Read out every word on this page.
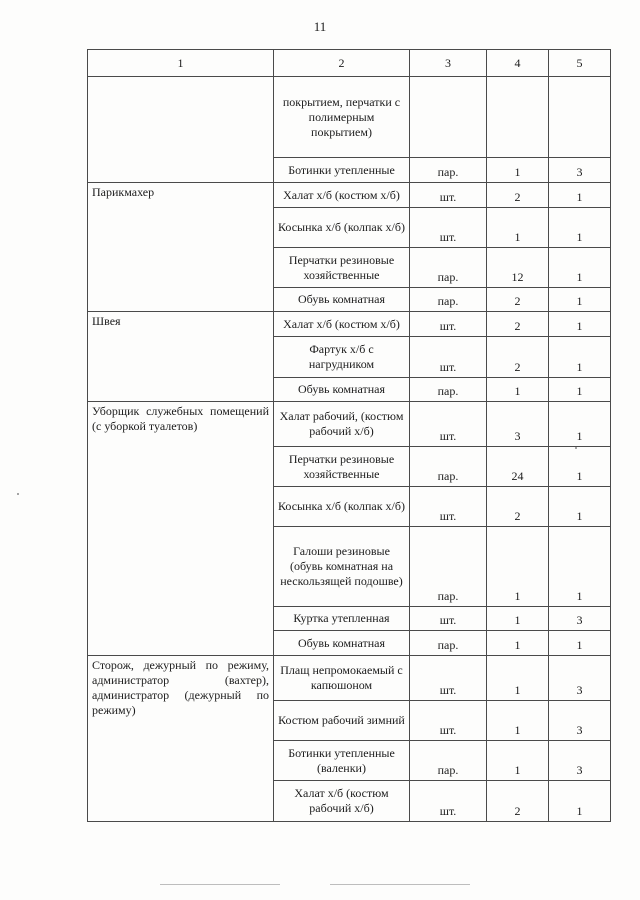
11
1	2	3	4	5
	покрытием, перчатки с полимерным покрытием)			
	Ботинки утепленные	пар.	1	3
Парикмахер	Халат х/б (костюм х/б)	шт.	2	1
	Косынка х/б (колпак х/б)	шт.	1	1
	Перчатки резиновые хозяйственные	пар.	12	1
	Обувь комнатная	пар.	2	1
Швея	Халат х/б (костюм х/б)	шт.	2	1
	Фартук х/б с нагрудником	шт.	2	1
	Обувь комнатная	пар.	1	1
Уборщик служебных помещений (с уборкой туалетов)	Халат рабочий, (костюм рабочий х/б)	шт.	3	1
	Перчатки резиновые хозяйственные	пар.	24	1
	Косынка х/б (колпак х/б)	шт.	2	1
	Галоши резиновые (обувь комнатная на нескользящей подошве)	пар.	1	1
	Куртка утепленная	шт.	1	3
	Обувь комнатная	пар.	1	1
Сторож, дежурный по режиму, администратор (вахтер), администратор (дежурный по режиму)	Плащ непромокаемый с капюшоном	шт.	1	3
	Костюм рабочий зимний	шт.	1	3
	Ботинки утепленные (валенки)	пар.	1	3
	Халат х/б (костюм рабочий х/б)	шт.	2	1
